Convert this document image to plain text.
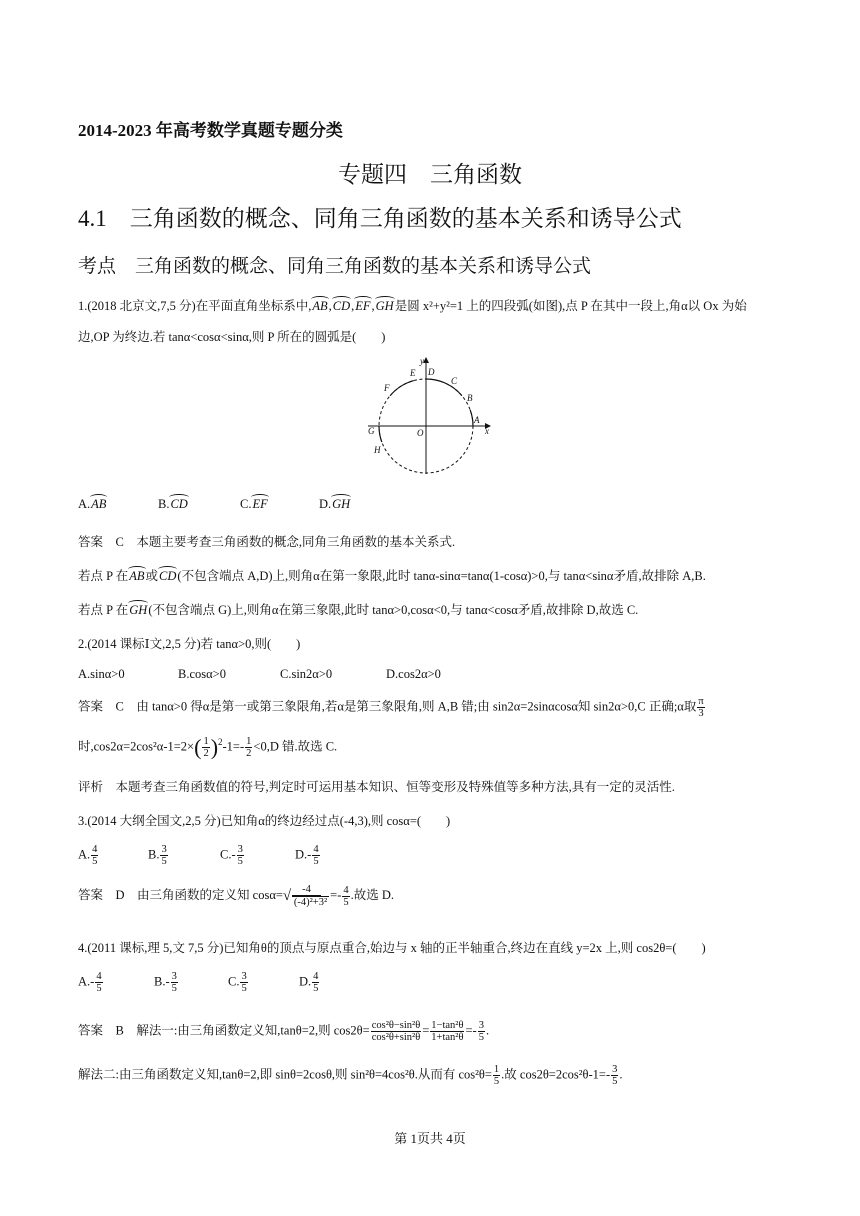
2014-2023 年高考数学真题专题分类
专题四　三角函数
4.1　三角函数的概念、同角三角函数的基本关系和诱导公式
考点　三角函数的概念、同角三角函数的基本关系和诱导公式
1.(2018 北京文,7,5 分)在平面直角坐标系中,AB,CD,EF,GH是圆 x²+y²=1 上的四段弧(如图),点 P 在其中一段上,角α以 Ox 为始
边,OP 为终边.若 tanα<cosα<sinα,则 P 所在的圆弧是(　　)
y
x
O
A
B
C
D
E
F
G
H
A.AB	B.CD	C.EF	D.GH
答案　C　本题主要考查三角函数的概念,同角三角函数的基本关系式.
若点 P 在AB或CD(不包含端点 A,D)上,则角α在第一象限,此时 tanα-sinα=tanα(1-cosα)>0,与 tanα<sinα矛盾,故排除 A,B.
若点 P 在GH(不包含端点 G)上,则角α在第三象限,此时 tanα>0,cosα<0,与 tanα<cosα矛盾,故排除 D,故选 C.
2.(2014 课标Ⅰ文,2,5 分)若 tanα>0,则(　　)
A.sinα>0	B.cosα>0	C.sin2α>0	D.cos2α>0
答案　C　由 tanα>0 得α是第一或第三象限角,若α是第三象限角,则 A,B 错;由 sin2α=2sinαcosα知 sin2α>0,C 正确;α取 $\frac{\pi}{3}$
时$,\cos 2\alpha=2\cos^2\alpha-1=2\times( \frac{1}{2} )^2-1=- \frac{1}{2} <0,D$ 错.故选 C.
评析　本题考查三角函数值的符号,判定时可运用基本知识、恒等变形及特殊值等多种方法,具有一定的灵活性.
3.(2014 大纲全国文,2,5 分)已知角α的终边经过点(-4,3),则 cosα=(　　)
A. $\frac{4}{5}$	B. $\frac{3}{5}$	$C.- \frac{3}{5}$	$D.- \frac{4}{5}$
答案　D　由三角函数的定义知 cosα= -4
√ $(-4)^2+3^2 =- \frac{4}{5}$ .故选 D.
4.(2011 课标,理 5,文 7,5 分)已知角θ的顶点与原点重合,始边与 x 轴的正半轴重合,终边在直线 y=2x 上,则 cos2θ=(　　)
$A.- \frac{4}{5}$	$B.- \frac{3}{5}$	C. $\frac{3}{5}$	D. $\frac{4}{5}$
答案　B　解法一:由三角函数定义知,tanθ=2,则 $\cos 2\theta= \frac{\text{cos²θ−sin²θ}}{\text{cos²θ+sin²θ}} = \frac{\text{1−tan²θ}}{\text{1+tan²θ}} =- \frac{3}{5}$ .
解法二:由三角函数定义知,tanθ=2,即 sinθ=2cosθ,则 sin²θ=4cos²θ.从而有 $\cos^2\theta= \frac{1}{5}$ .故 $\cos 2\theta=2\cos^2\theta-1=- \frac{3}{5}$ .
第 1页共 4页
